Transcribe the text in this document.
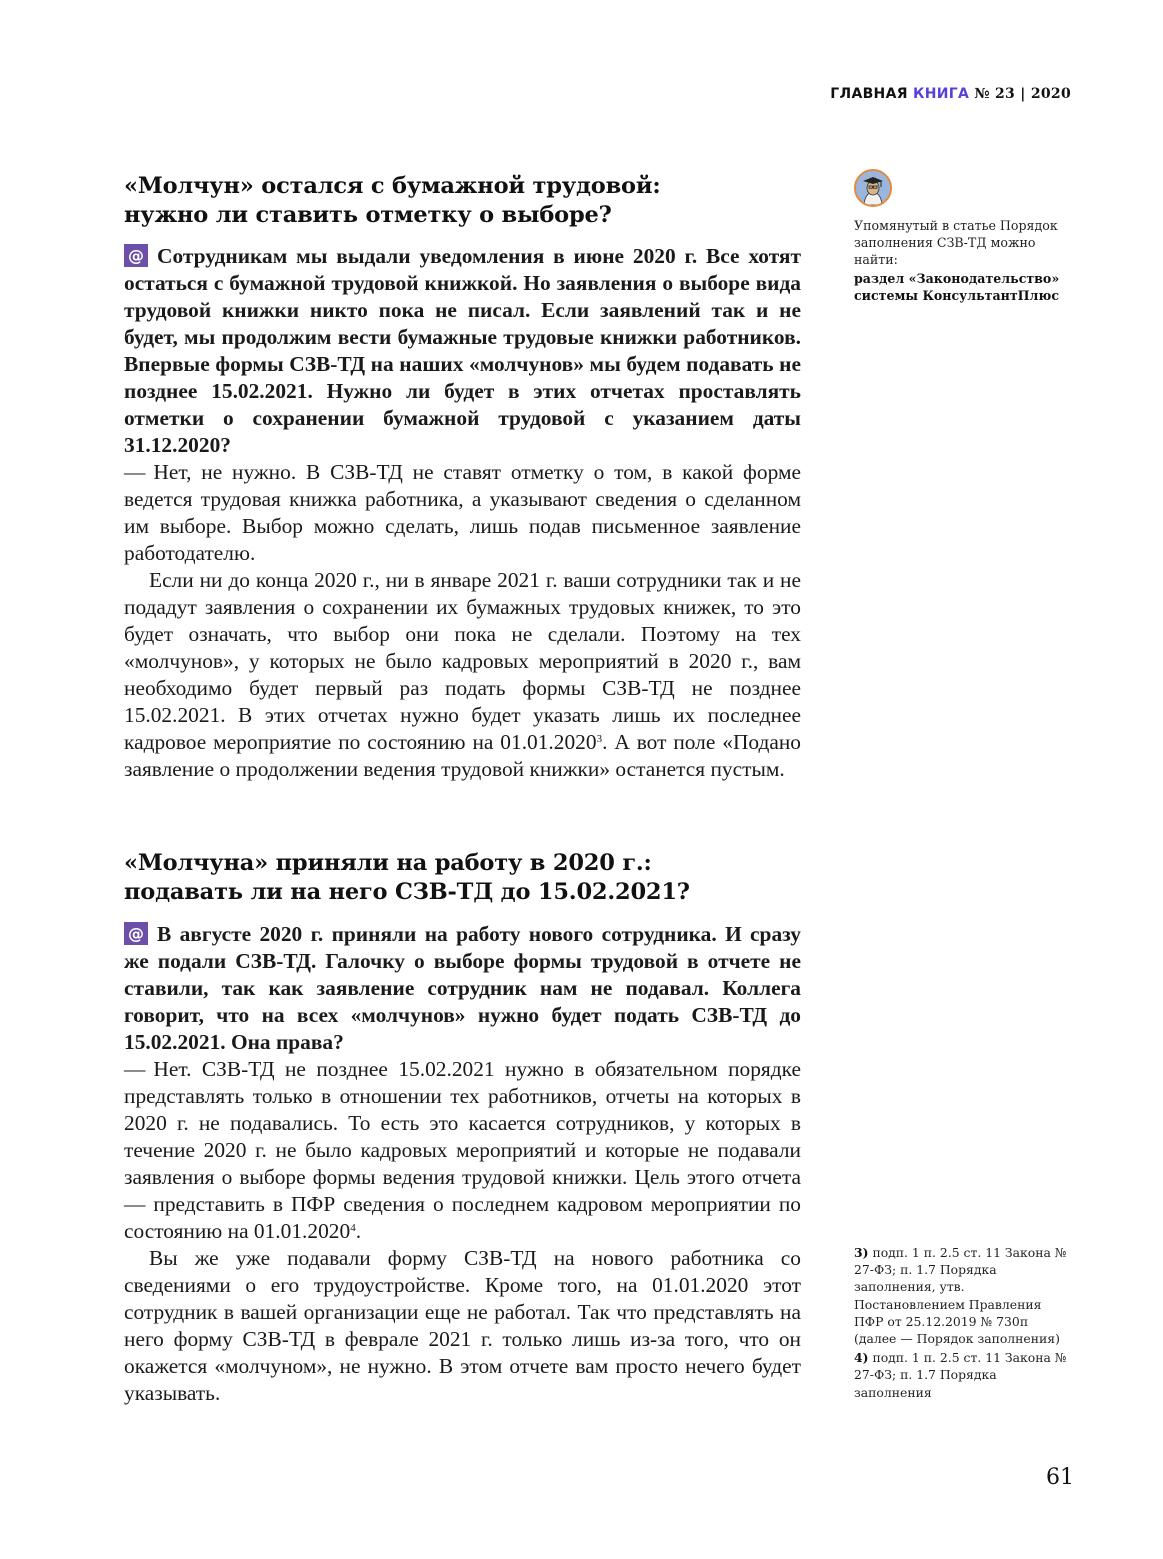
ГЛАВНАЯ КНИГА № 23 | 2020
«Молчун» остался с бумажной трудовой:
нужно ли ставить отметку о выборе?

@ Сотрудникам мы выдали уведомления в июне 2020 г. Все хотят остаться с бумажной трудовой книжкой. Но заявления о выборе вида трудовой книжки никто пока не писал. Если заявлений так и не будет, мы продолжим вести бумажные трудовые книжки работников. Впервые формы СЗВ-ТД на наших «молчунов» мы будем подавать не позднее 15.02.2021. Нужно ли будет в этих отчетах проставлять отметки о сохранении бумажной трудовой с указанием даты 31.12.2020?

— Нет, не нужно. В СЗВ-ТД не ставят отметку о том, в какой форме ведется трудовая книжка работника, а указывают сведения о сделанном им выборе. Выбор можно сделать, лишь подав письменное заявление работодателю.

Если ни до конца 2020 г., ни в январе 2021 г. ваши сотрудники так и не подадут заявления о сохранении их бумажных трудовых книжек, то это будет означать, что выбор они пока не сделали. Поэтому на тех «молчунов», у которых не было кадровых мероприятий в 2020 г., вам необходимо будет первый раз подать формы СЗВ-ТД не позднее 15.02.2021. В этих отчетах нужно будет указать лишь их последнее кадровое мероприятие по состоянию на 01.01.2020$^3$. А вот поле «Подано заявление о продолжении ведения трудовой книжки» останется пустым.

«Молчуна» приняли на работу в 2020 г.:
подавать ли на него СЗВ-ТД до 15.02.2021?

@ В августе 2020 г. приняли на работу нового сотрудника. И сразу же подали СЗВ-ТД. Галочку о выборе формы трудовой в отчете не ставили, так как заявление сотрудник нам не подавал. Коллега говорит, что на всех «молчунов» нужно будет подать СЗВ-ТД до 15.02.2021. Она права?

— Нет. СЗВ-ТД не позднее 15.02.2021 нужно в обязательном порядке представлять только в отношении тех работников, отчеты на которых в 2020 г. не подавались. То есть это касается сотрудников, у которых в течение 2020 г. не было кадровых мероприятий и которые не подавали заявления о выборе формы ведения трудовой книжки. Цель этого отчета — представить в ПФР сведения о последнем кадровом мероприятии по состоянию на 01.01.2020$^4$.

Вы же уже подавали форму СЗВ-ТД на нового работника со сведениями о его трудоустройстве. Кроме того, на 01.01.2020 этот сотрудник в вашей организации еще не работал. Так что представлять на него форму СЗВ-ТД в феврале 2021 г. только лишь из-за того, что он окажется «молчуном», не нужно. В этом отчете вам просто нечего будет указывать.

Упомянутый в статье Порядок заполнения СЗВ-ТД можно найти:

раздел «Законодательство» системы КонсультантПлюс

3) подп. 1 п. 2.5 ст. 11 Закона № 27-ФЗ; п. 1.7 Порядка заполнения, утв. Постановлением Правления ПФР от 25.12.2019 № 730п (далее — Порядок заполнения)

4) подп. 1 п. 2.5 ст. 11 Закона № 27-ФЗ; п. 1.7 Порядка заполнения

61
